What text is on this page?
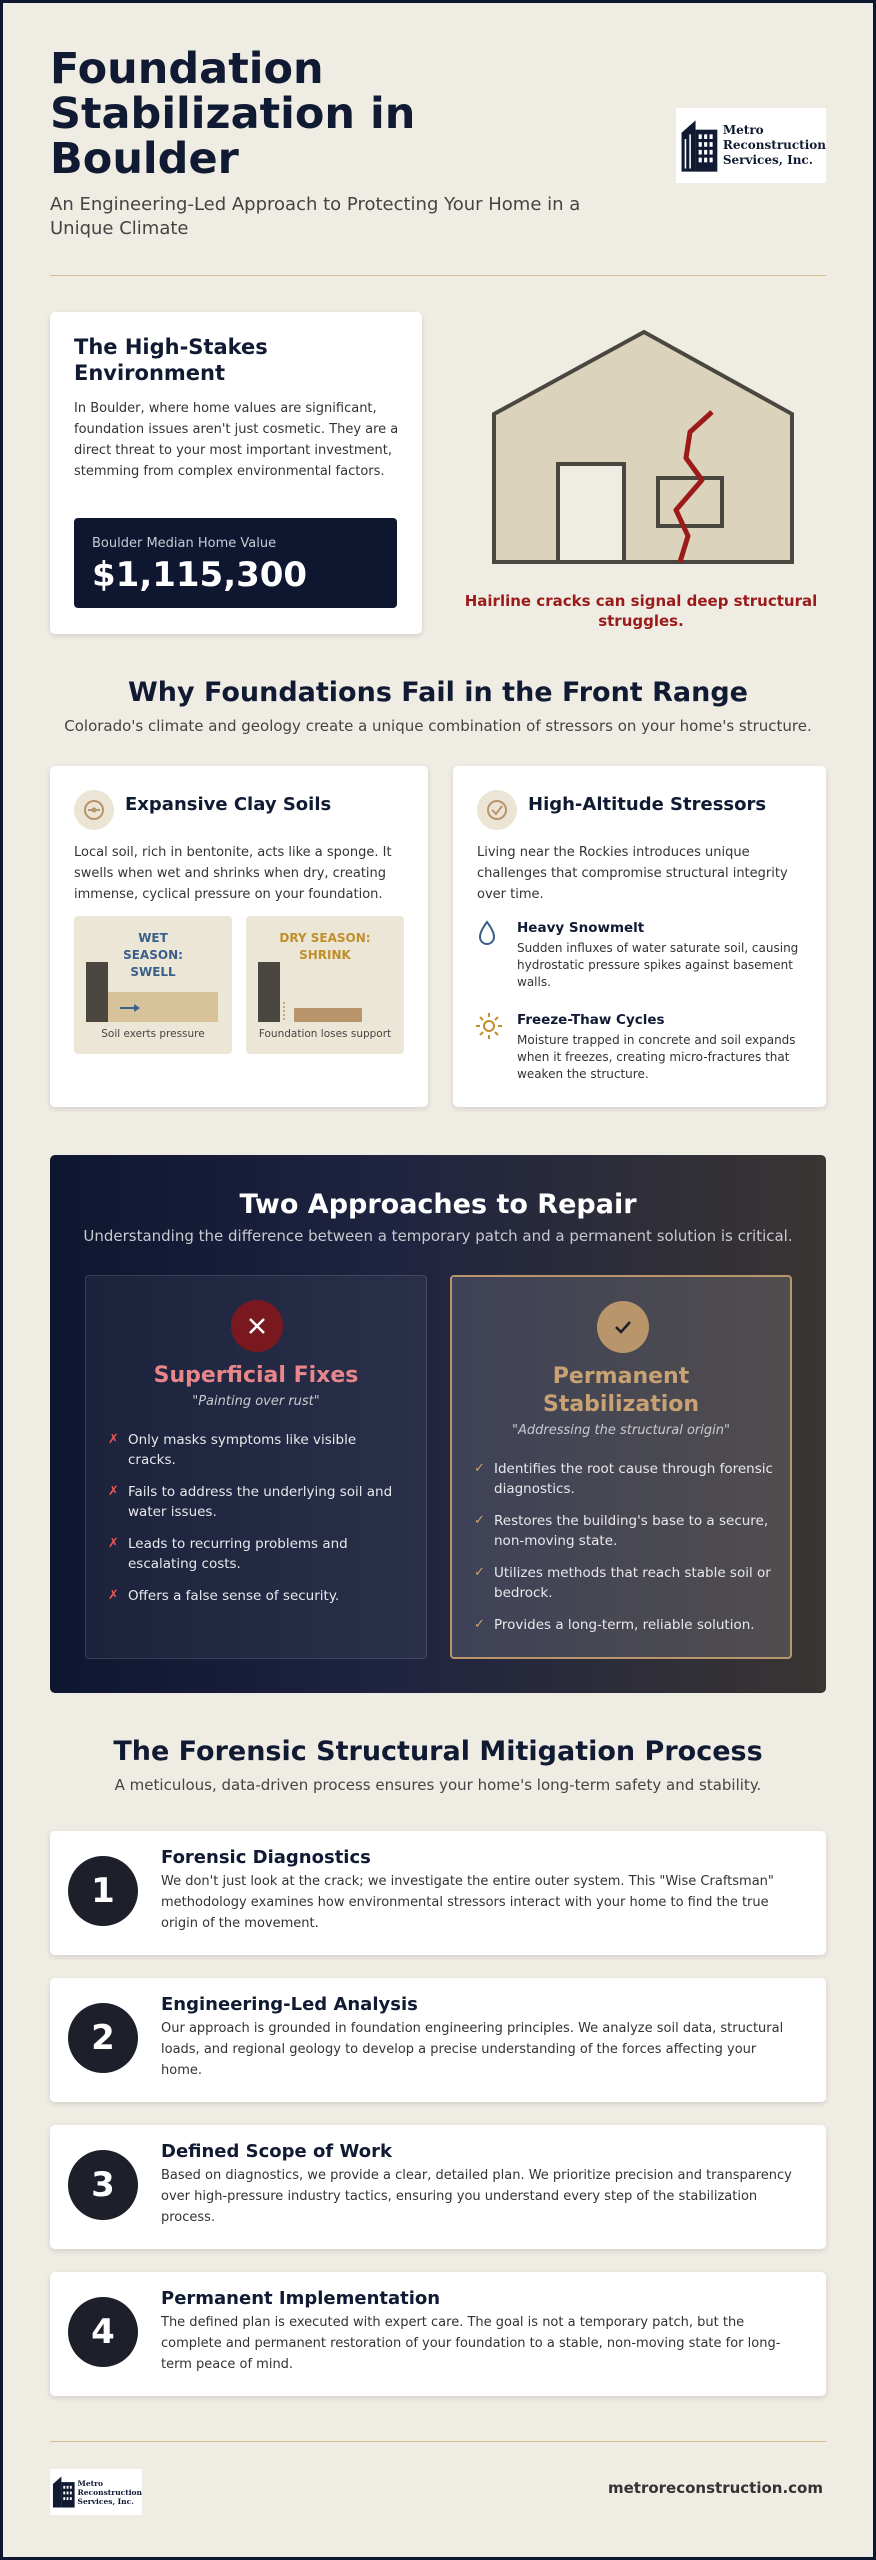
Foundation Stabilization in Boulder

An Engineering-Led Approach to Protecting Your Home in a Unique Climate

Metro
Reconstruction
Services, Inc.
The High-Stakes Environment

In Boulder, where home values are significant, foundation issues aren't just cosmetic. They are a direct threat to your most important investment, stemming from complex environmental factors.

Boulder Median Home Value
$1,115,300

Hairline cracks can signal deep structural struggles.

Why Foundations Fail in the Front Range

Colorado's climate and geology create a unique combination of stressors on your home's structure.

Expansive Clay Soils

Local soil, rich in bentonite, acts like a sponge. It swells when wet and shrinks when dry, creating immense, cyclical pressure on your foundation.

WET SEASON: SWELL
Soil exerts pressure
DRY SEASON: SHRINK
Foundation loses support
High-Altitude Stressors

Living near the Rockies introduces unique challenges that compromise structural integrity over time.

Heavy Snowmelt
Sudden influxes of water saturate soil, causing hydrostatic pressure spikes against basement walls.
Freeze-Thaw Cycles
Moisture trapped in concrete and soil expands when it freezes, creating micro-fractures that weaken the structure.
Two Approaches to Repair

Understanding the difference between a temporary patch and a permanent solution is critical.

Superficial Fixes

"Painting over rust"

✗ Only masks symptoms like visible cracks.
✗ Fails to address the underlying soil and water issues.
✗ Leads to recurring problems and escalating costs.
✗ Offers a false sense of security.
Permanent Stabilization

"Addressing the structural origin"

✓ Identifies the root cause through forensic diagnostics.
✓ Restores the building's base to a secure, non-moving state.
✓ Utilizes methods that reach stable soil or bedrock.
✓ Provides a long-term, reliable solution.
The Forensic Structural Mitigation Process

A meticulous, data-driven process ensures your home's long-term safety and stability.

1
Forensic Diagnostics

We don't just look at the crack; we investigate the entire outer system. This "Wise Craftsman" methodology examines how environmental stressors interact with your home to find the true origin of the movement.

2
Engineering-Led Analysis

Our approach is grounded in foundation engineering principles. We analyze soil data, structural loads, and regional geology to develop a precise understanding of the forces affecting your home.

3
Defined Scope of Work

Based on diagnostics, we provide a clear, detailed plan. We prioritize precision and transparency over high-pressure industry tactics, ensuring you understand every step of the stabilization process.

4
Permanent Implementation

The defined plan is executed with expert care. The goal is not a temporary patch, but the complete and permanent restoration of your foundation to a stable, non-moving state for long-term peace of mind.

Metro
Reconstruction
Services, Inc.
metroreconstruction.com
